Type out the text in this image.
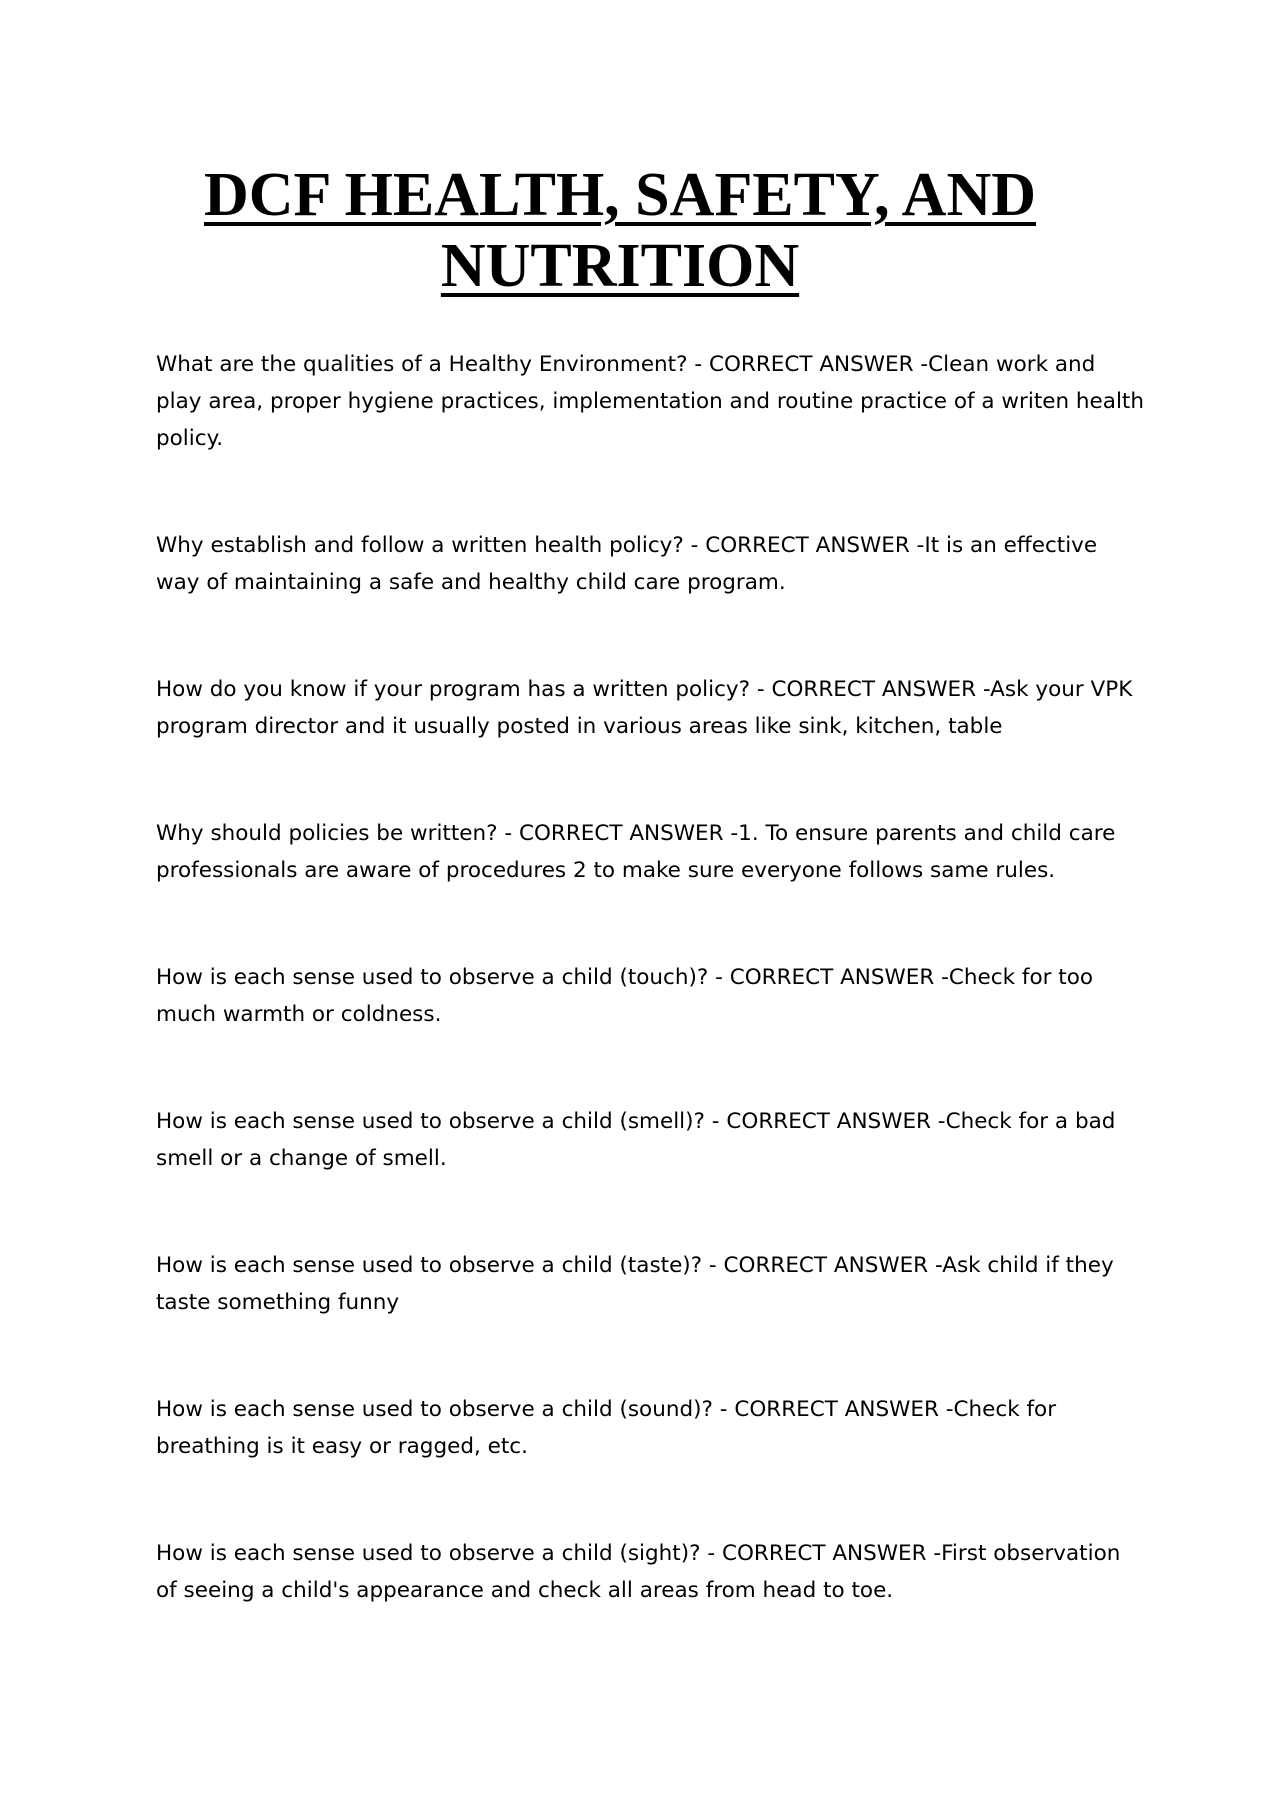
DCF HEALTH, SAFETY, AND
NUTRITION
What are the qualities of a Healthy Environment? - CORRECT ANSWER -Clean work and play area, proper hygiene practices, implementation and routine practice of a writen health policy.
Why establish and follow a written health policy? - CORRECT ANSWER -It is an effective way of maintaining a safe and healthy child care program.
How do you know if your program has a written policy? - CORRECT ANSWER -Ask your VPK program director and it usually posted in various areas like sink, kitchen, table
Why should policies be written? - CORRECT ANSWER -1. To ensure parents and child care professionals are aware of procedures 2 to make sure everyone follows same rules.
How is each sense used to observe a child (touch)? - CORRECT ANSWER -Check for too much warmth or coldness.
How is each sense used to observe a child (smell)? - CORRECT ANSWER -Check for a bad smell or a change of smell.
How is each sense used to observe a child (taste)? - CORRECT ANSWER -Ask child if they taste something funny
How is each sense used to observe a child (sound)? - CORRECT ANSWER -Check for breathing is it easy or ragged, etc.
How is each sense used to observe a child (sight)? - CORRECT ANSWER -First observation of seeing a child's appearance and check all areas from head to toe.
